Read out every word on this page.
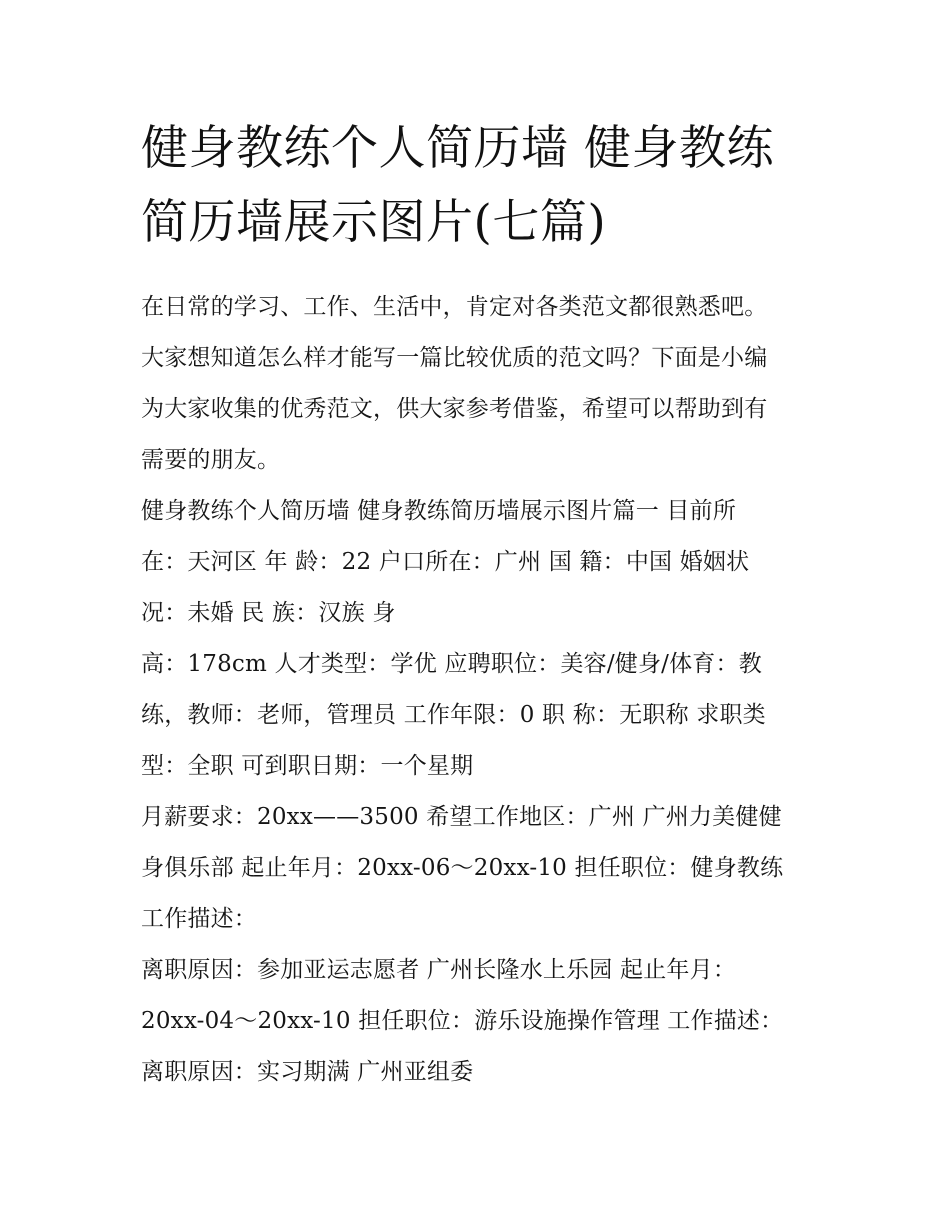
健身教练个人简历墙 健身教练
简历墙展示图片(七篇)
在日常的学习、工作、生活中，肯定对各类范文都很熟悉吧。
大家想知道怎么样才能写一篇比较优质的范文吗？下面是小编
为大家收集的优秀范文，供大家参考借鉴，希望可以帮助到有
需要的朋友。
健身教练个人简历墙 健身教练简历墙展示图片篇一 目前所
在：天河区 年 龄：22 户口所在：广州 国 籍：中国 婚姻状
况：未婚 民 族：汉族 身
高：178cm 人才类型：学优 应聘职位：美容/健身/体育：教
练，教师：老师，管理员 工作年限：0 职 称：无职称 求职类
型：全职 可到职日期：一个星期
月薪要求：20xx——3500 希望工作地区：广州 广州力美健健
身俱乐部 起止年月：20xx-06～20xx-10 担任职位：健身教练
工作描述：
离职原因：参加亚运志愿者 广州长隆水上乐园 起止年月：
20xx-04～20xx-10 担任职位：游乐设施操作管理 工作描述：
离职原因：实习期满 广州亚组委
